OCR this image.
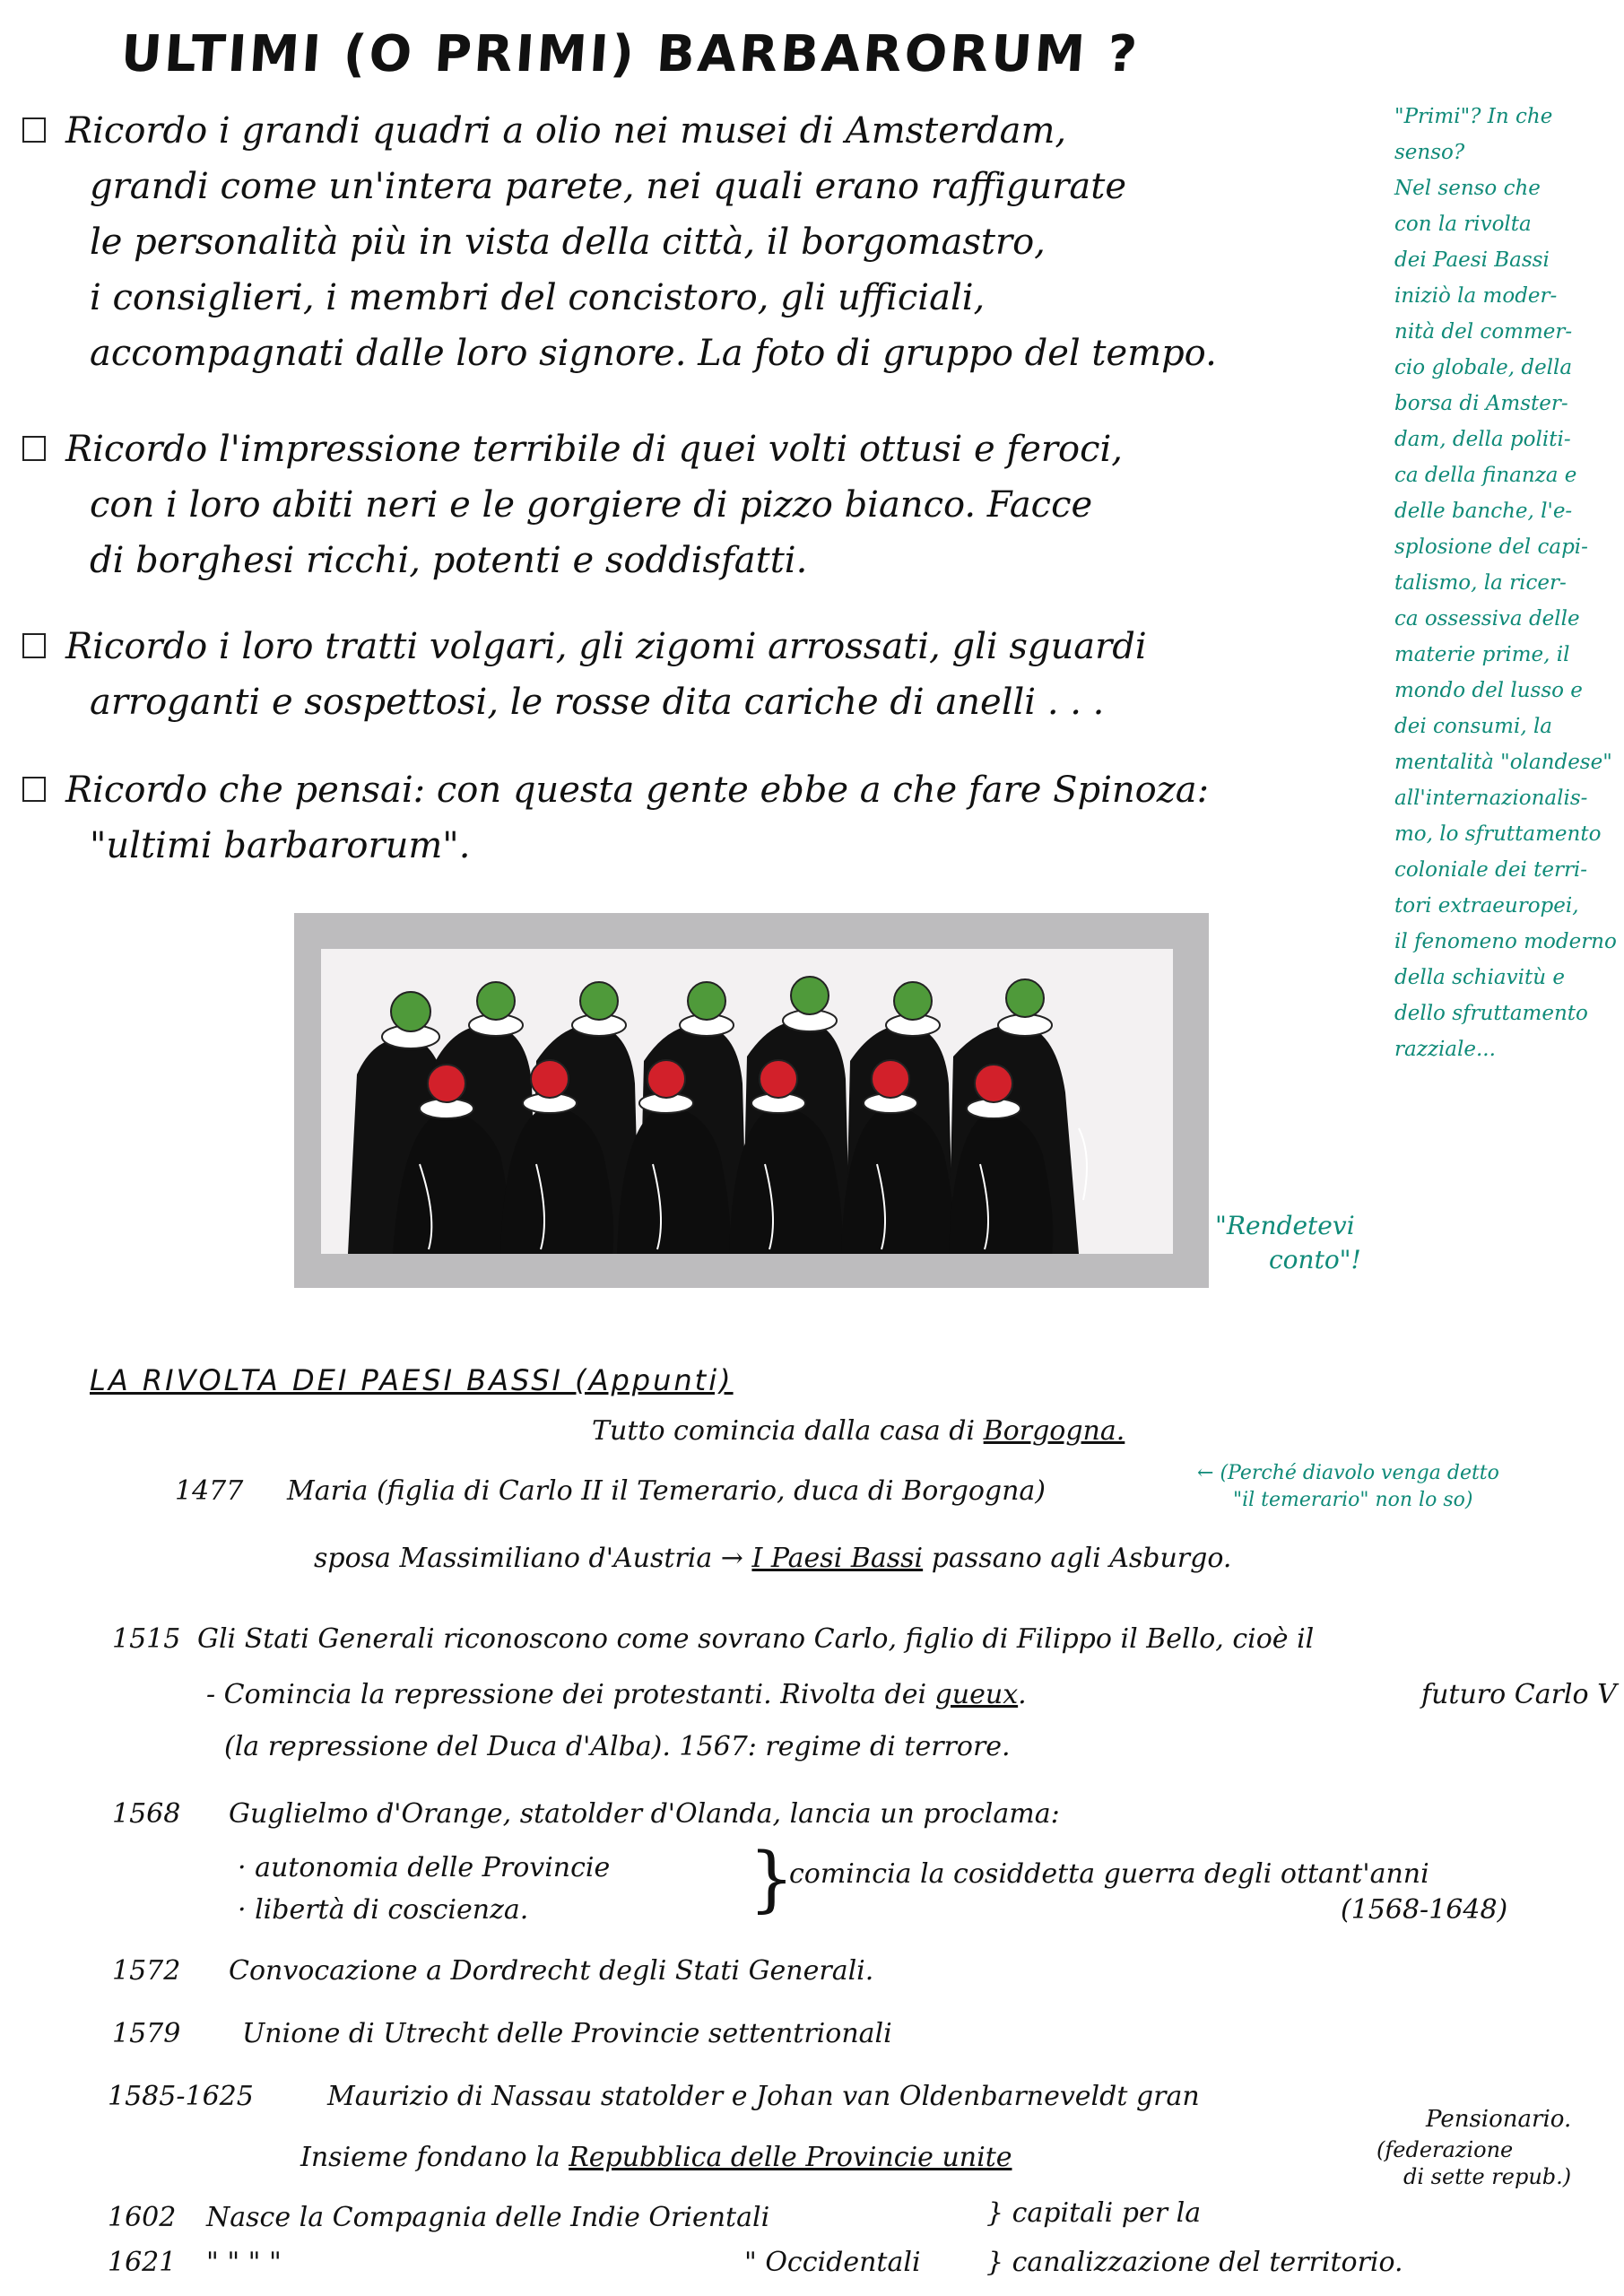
ULTIMI (O PRIMI) BARBARORUM ?
Ricordo i grandi quadri a olio nei musei di Amsterdam,
grandi come un'intera parete, nei quali erano raffigurate
le personalità più in vista della città, il borgomastro,
i consiglieri, i membri del concistoro, gli ufficiali,
accompagnati dalle loro signore. La foto di gruppo del tempo.
Ricordo l'impressione terribile di quei volti ottusi e feroci,
con i loro abiti neri e le gorgiere di pizzo bianco. Facce
di borghesi ricchi, potenti e soddisfatti.
Ricordo i loro tratti volgari, gli zigomi arrossati, gli sguardi
arroganti e sospettosi, le rosse dita cariche di anelli . . .
Ricordo che pensai: con questa gente ebbe a che fare Spinoza:
"ultimi barbarorum".
"Primi"? In che
senso?
Nel senso che
con la rivolta
dei Paesi Bassi
iniziò la moder-
nità del commer-
cio globale, della
borsa di Amster-
dam, della politi-
ca della finanza e
delle banche, l'e-
splosione del capi-
talismo, la ricer-
ca ossessiva delle
materie prime, il
mondo del lusso e
dei consumi, la
mentalità "olandese"
all'internazionalis-
mo, lo sfruttamento
coloniale dei terri-
tori extraeuropei,
il fenomeno moderno
della schiavitù e
dello sfruttamento
razziale...
"Rendetevi
conto"!
LA RIVOLTA DEI PAESI BASSI (Appunti)
Tutto comincia dalla casa di Borgogna.
1477 Maria (figlia di Carlo II il Temerario, duca di Borgogna)
← (Perché diavolo venga detto
"il temerario" non lo so)
sposa Massimiliano d'Austria → I Paesi Bassi passano agli Asburgo.
1515 Gli Stati Generali riconoscono come sovrano Carlo, figlio di Filippo il Bello, cioè il
- Comincia la repressione dei protestanti. Rivolta dei gueux.	futuro Carlo V
(la repressione del Duca d'Alba). 1567: regime di terrore.
1568 Guglielmo d'Orange, statolder d'Olanda, lancia un proclama:
· autonomia delle Provincie
· libertà di coscienza.	}
comincia la cosiddetta guerra degli ottant'anni
(1568-1648)
1572 Convocazione a Dordrecht degli Stati Generali.
1579 Unione di Utrecht delle Provincie settentrionali
1585-1625	Maurizio di Nassau statolder e Johan van Oldenbarneveldt gran
Pensionario.
Insieme fondano la Repubblica delle Provincie unite	(federazione
di sette repub.)
1602 Nasce la Compagnia delle Indie Orientali	} capitali per la
1621 " " " "	" Occidentali } canalizzazione del territorio.
